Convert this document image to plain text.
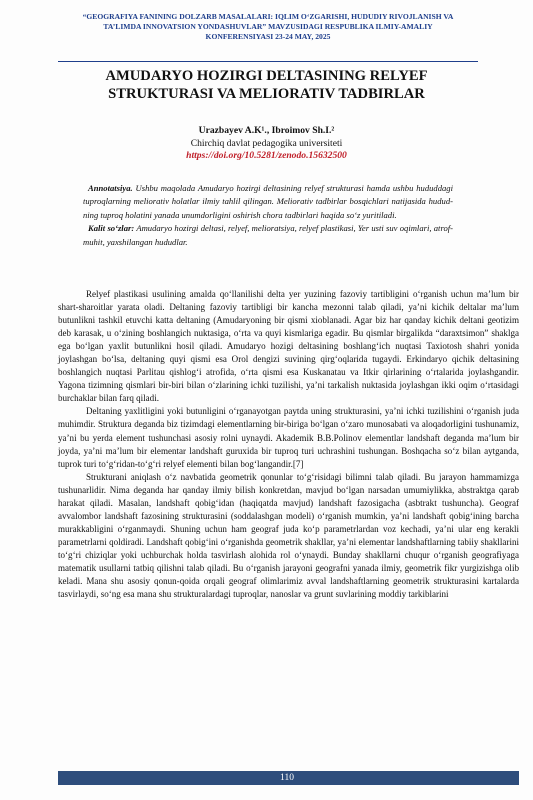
“GEOGRAFIYA FANINING DOLZARB MASALALARI: IQLIM O‘ZGARISHI, HUDUDIY RIVOJLANISH VA
TA’LIMDA INNOVATSION YONDASHUVLAR” MAVZUSIDAGI RESPUBLIKA ILMIY-AMALIY
KONFERENSIYASI 23-24 MAY, 2025
AMUDARYO HOZIRGI DELTASINING RELYEF
STRUKTURASI VA MELIORATIV TADBIRLAR
Urazbayev A.K¹., Ibroimov Sh.I.²
Chirchiq davlat pedagogika universiteti
https://doi.org/10.5281/zenodo.15632500
Annotatsiya. Ushbu maqolada Amudaryo hozirgi deltasining relyef strukturasi hamda ushbu hududdagi tuproqlarning meliorativ holatlar ilmiy tahlil qilingan. Meliorativ tadbirlar bosqichlari natijasida hududning tuproq holatini yanada unumdorligini oshirish chora tadbirlari haqida so‘z yuritiladi.
Kalit so‘zlar: Amudaryo hozirgi deltasi, relyef, melioratsiya, relyef plastikasi, Yer usti suv oqimlari, atrof-muhit, yaxshilangan hududlar.

Relyef plastikasi usulining amalda qo‘llanilishi delta yer yuzining fazoviy tartibligini o‘rganish uchun ma’lum bir shart-sharoitlar yarata oladi. Deltaning fazoviy tartibligi bir kancha mezonni talab qiladi, ya’ni kichik deltalar ma’lum butunlikni tashkil etuvchi katta deltaning (Amudaryoning bir qismi xioblanadi. Agar biz har qanday kichik deltani geotizim deb karasak, u o‘zining boshlangich nuktasiga, o‘rta va quyi kismlariga egadir. Bu qismlar birgalikda “daraxtsimon” shaklga ega bo‘lgan yaxlit butunlikni hosil qiladi. Amudaryo hozigi deltasining boshlang‘ich nuqtasi Taxiotosh shahri yonida joylashgan bo‘lsa, deltaning quyi qismi esa Orol dengizi suvining qirg‘oqlarida tugaydi. Erkindaryo qichik deltasining boshlangich nuqtasi Parlitau qishlog‘i atrofida, o‘rta qismi esa Kuskanatau va Itkir qirlarining o‘rtalarida joylashgandir. Yagona tizimning qismlari bir-biri bilan o‘zlarining ichki tuzilishi, ya’ni tarkalish nuktasida joylashgan ikki oqim o‘rtasidagi burchaklar bilan farq qiladi.

Deltaning yaxlitligini yoki butunligini o‘rganayotgan paytda uning strukturasini, ya’ni ichki tuzilishini o‘rganish juda muhimdir. Struktura deganda biz tizimdagi elementlarning bir-biriga bo‘lgan o‘zaro munosabati va aloqadorligini tushunamiz, ya’ni bu yerda element tushunchasi asosiy rolni uynaydi. Akademik B.B.Polinov elementlar landshaft deganda ma’lum bir joyda, ya’ni ma’lum bir elementar landshaft guruxida bir tuproq turi uchrashini tushungan. Boshqacha so‘z bilan aytganda, tuprok turi to‘g‘ridan-to‘g‘ri relyef elementi bilan bog‘langandir.[7]

Strukturani aniqlash o‘z navbatida geometrik qonunlar to‘g‘risidagi bilimni talab qiladi. Bu jarayon hammamizga tushunarlidir. Nima deganda har qanday ilmiy bilish konkretdan, mavjud bo‘lgan narsadan umumiylikka, abstraktga qarab harakat qiladi. Masalan, landshaft qobig‘idan (haqiqatda mavjud) landshaft fazosigacha (asbtrakt tushuncha). Geograf avvalombor landshaft fazosining strukturasini (soddalashgan modeli) o‘rganish mumkin, ya’ni landshaft qobig‘ining barcha murakkabligini o‘rganmaydi. Shuning uchun ham geograf juda ko‘p parametrlardan voz kechadi, ya’ni ular eng kerakli parametrlarni qoldiradi. Landshaft qobig‘ini o‘rganishda geometrik shakllar, ya’ni elementar landshaftlarning tabiiy shakllarini to‘g‘ri chiziqlar yoki uchburchak holda tasvirlash alohida rol o‘ynaydi. Bunday shakllarni chuqur o‘rganish geografiyaga matematik usullarni tatbiq qilishni talab qiladi. Bu o‘rganish jarayoni geografni yanada ilmiy, geometrik fikr yurgizishga olib keladi. Mana shu asosiy qonun-qoida orqali geograf olimlarimiz avval landshaftlarning geometrik strukturasini kartalarda tasvirlaydi, so‘ng esa mana shu strukturalardagi tuproqlar, nanoslar va grunt suvlarining moddiy tarkiblarini

110
